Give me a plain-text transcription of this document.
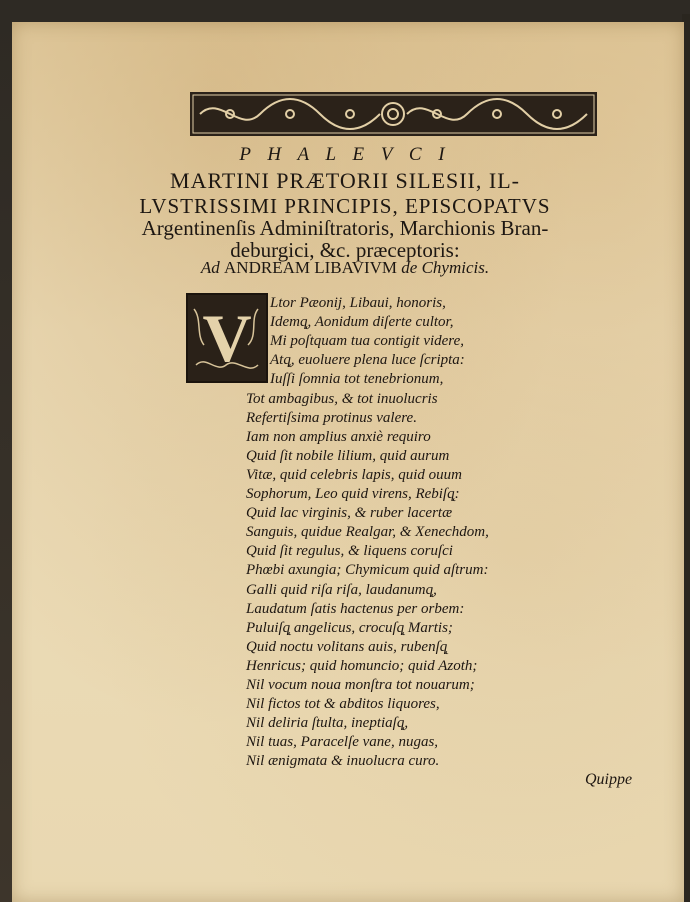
P H A L E V C I
MARTINI PRÆTORII SILESII, IL-
LVSTRISSIMI PRINCIPIS, EPISCOPATVS
Argentinenſis Adminiſtratoris, Marchionis Bran-
deburgici, &c. præceptoris:
Ad ANDREAM LIBAVIVM de Chymicis.
V Ltor Pæonij, Libaui, honoris,
Idemq̨, Aonidum diſerte cultor,
Mi poſtquam tua contigit videre,
Atq̨, euoluere plena luce ſcripta:
Iuſſi ſomnia tot tenebrionum,
Tot ambagibus, & tot inuolucris
Refertiſsima protinus valere.
Iam non amplius anxiè requiro
Quid ſit nobile lilium, quid aurum
Vitæ, quid celebris lapis, quid ouum
Sophorum, Leo quid virens, Rebiſq̨:
Quid lac virginis, & ruber lacertæ
Sanguis, quidue Realgar, & Xenechdom,
Quid ſit regulus, & liquens coruſci
Phœbi axungia; Chymicum quid aſtrum:
Galli quid riſa riſa, laudanumq̨,
Laudatum ſatis hactenus per orbem:
Puluiſq̨ angelicus, crocuſq̨ Martis;
Quid noctu volitans auis, rubenſq̨
Henricus; quid homuncio; quid Azoth;
Nil vocum noua monſtra tot nouarum;
Nil fictos tot & abditos liquores,
Nil deliria ſtulta, ineptiaſq̨,
Nil tuas, Paracelſe vane, nugas,
Nil ænigmata & inuolucra curo.
Quippe
